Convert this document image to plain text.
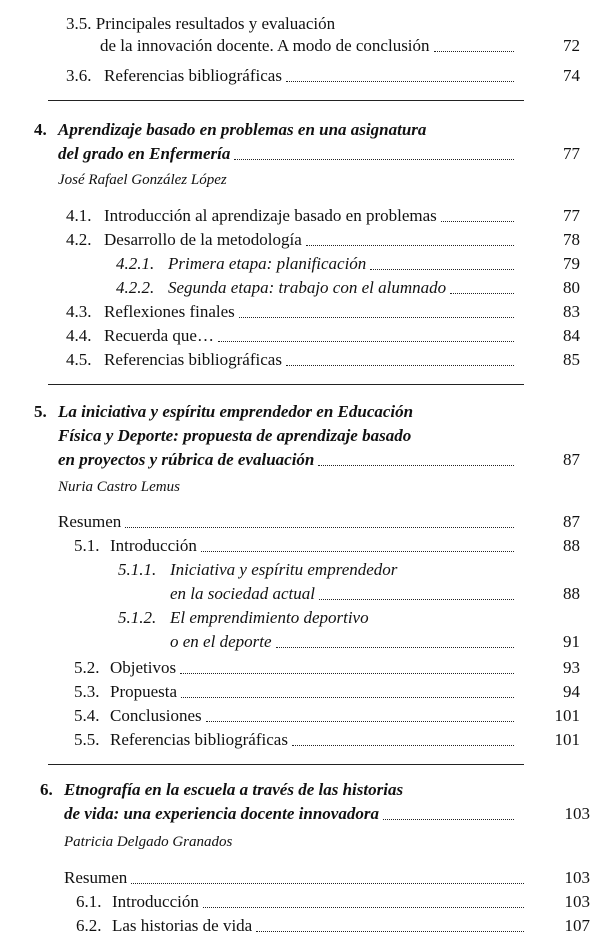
3.5. Principales resultados y evaluación
de la innovación docente. A modo de conclusión	72
3.6. Referencias bibliográficas	74
4. Aprendizaje basado en problemas en una asignatura
del grado en Enfermería	77
José Rafael González López
4.1. Introducción al aprendizaje basado en problemas	77
4.2. Desarrollo de la metodología	78
4.2.1. Primera etapa: planificación	79
4.2.2. Segunda etapa: trabajo con el alumnado	80
4.3. Reflexiones finales	83
4.4. Recuerda que…	84
4.5. Referencias bibliográficas	85
5. La iniciativa y espíritu emprendedor en Educación
Física y Deporte: propuesta de aprendizaje basado
en proyectos y rúbrica de evaluación	87
Nuria Castro Lemus
Resumen	87
5.1. Introducción	88
5.1.1. Iniciativa y espíritu emprendedor
en la sociedad actual	88
5.1.2. El emprendimiento deportivo
o en el deporte	91
5.2. Objetivos	93
5.3. Propuesta	94
5.4. Conclusiones	101
5.5. Referencias bibliográficas	101
6. Etnografía en la escuela a través de las historias
de vida: una experiencia docente innovadora	103
Patricia Delgado Granados
Resumen	103
6.1. Introducción	103
6.2. Las historias de vida	107
